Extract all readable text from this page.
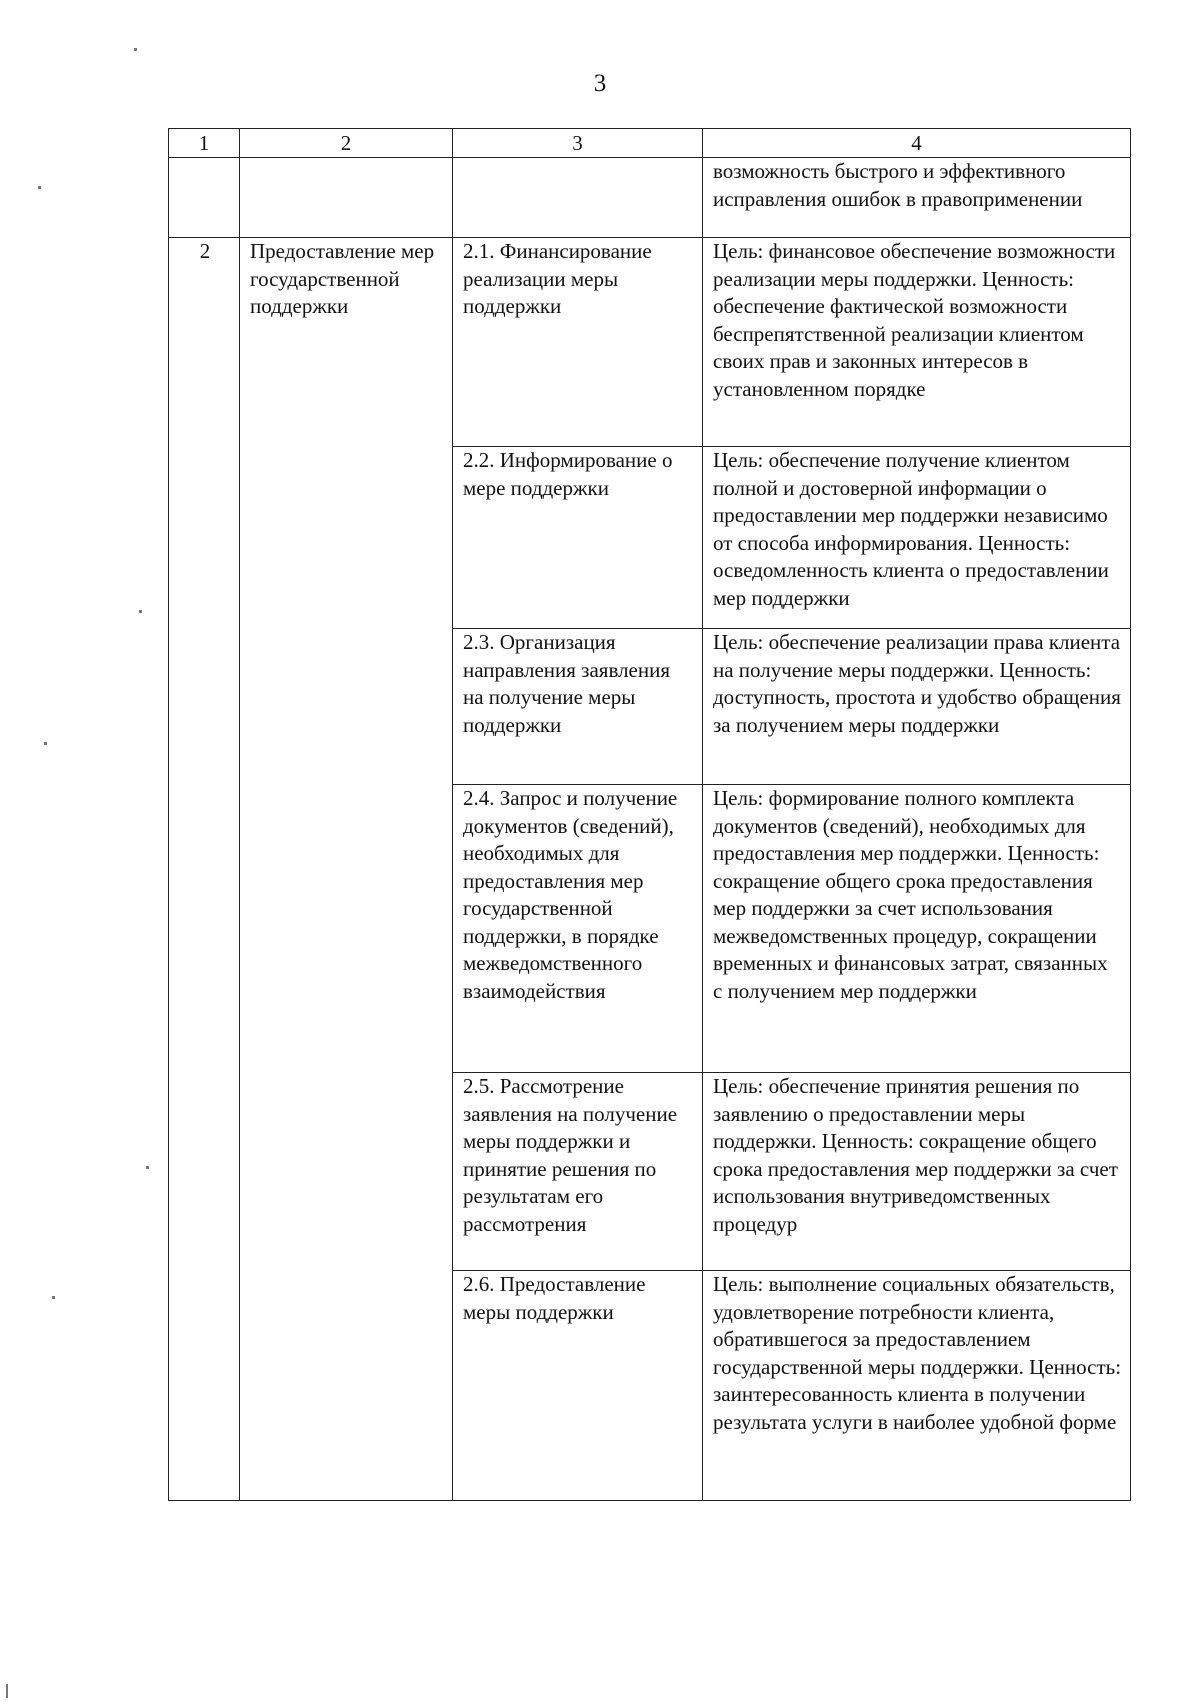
3
1	2	3	4
			возможность быстрого и эффективного исправления ошибок в правоприменении
2	Предоставление мер государственной поддержки	2.1. Финансирование реализации меры поддержки	Цель: финансовое обеспечение возможности реализации меры поддержки. Ценность: обеспечение фактической возможности беспрепятственной реализации клиентом своих прав и законных интересов в установленном порядке
		2.2. Информирование о мере поддержки	Цель: обеспечение получение клиентом полной и достоверной информации о предоставлении мер поддержки независимо от способа информирования. Ценность: осведомленность клиента о предоставлении мер поддержки
		2.3. Организация направления заявления на получение меры поддержки	Цель: обеспечение реализации права клиента на получение меры поддержки. Ценность: доступность, простота и удобство обращения за получением меры поддержки
		2.4. Запрос и получение документов (сведений), необходимых для предоставления мер государственной поддержки, в порядке межведомственного взаимодействия	Цель: формирование полного комплекта документов (сведений), необходимых для предоставления мер поддержки. Ценность: сокращение общего срока предоставления мер поддержки за счет использования межведомственных процедур, сокращении временных и финансовых затрат, связанных с получением мер поддержки
		2.5. Рассмотрение заявления на получение меры поддержки и принятие решения по результатам его рассмотрения	Цель: обеспечение принятия решения по заявлению о предоставлении меры поддержки. Ценность: сокращение общего срока предоставления мер поддержки за счет использования внутриведомственных процедур
		2.6. Предоставление меры поддержки	Цель: выполнение социальных обязательств, удовлетворение потребности клиента, обратившегося за предоставлением государственной меры поддержки. Ценность: заинтересованность клиента в получении результата услуги в наиболее удобной форме
